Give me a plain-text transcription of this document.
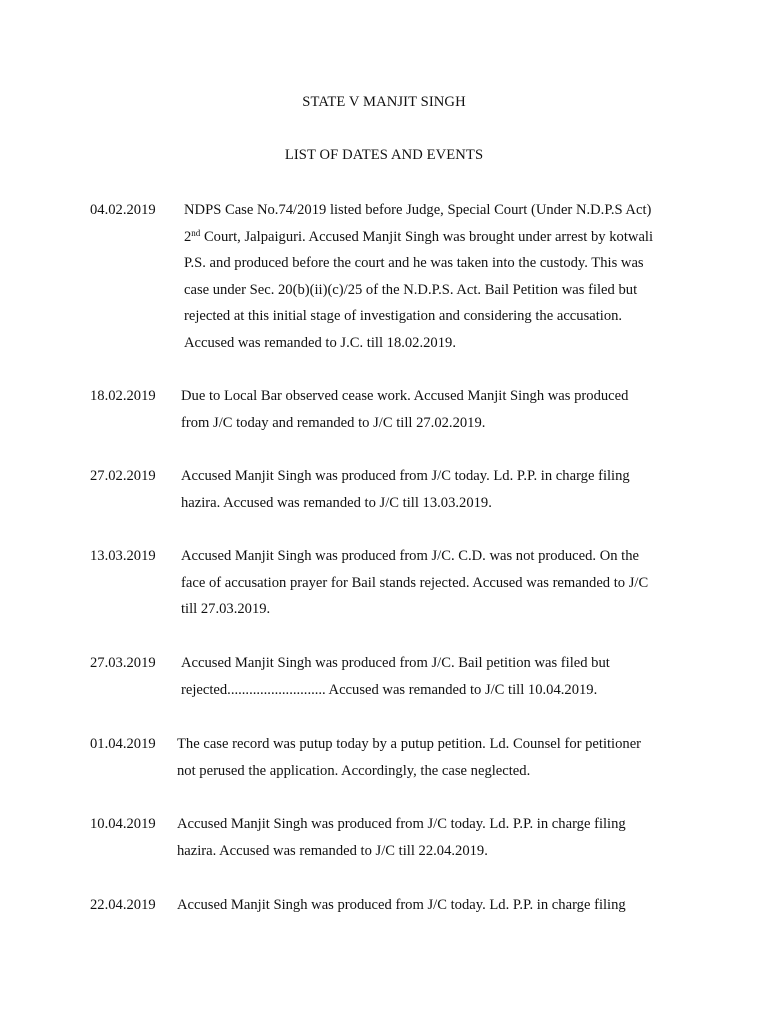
STATE V MANJIT SINGH
LIST OF DATES AND EVENTS
04.02.2019 NDPS Case No.74/2019 listed before Judge, Special Court (Under N.D.P.S Act)
2nd Court, Jalpaiguri. Accused Manjit Singh was brought under arrest by kotwali
P.S. and produced before the court and he was taken into the custody. This was
case under Sec. 20(b)(ii)(c)/25 of the N.D.P.S. Act. Bail Petition was filed but
rejected at this initial stage of investigation and considering the accusation.
Accused was remanded to J.C. till 18.02.2019.
18.02.2019 Due to Local Bar observed cease work. Accused Manjit Singh was produced
from J/C today and remanded to J/C till 27.02.2019.
27.02.2019 Accused Manjit Singh was produced from J/C today. Ld. P.P. in charge filing
hazira. Accused was remanded to J/C till 13.03.2019.
13.03.2019 Accused Manjit Singh was produced from J/C. C.D. was not produced. On the
face of accusation prayer for Bail stands rejected. Accused was remanded to J/C
till 27.03.2019.
27.03.2019 Accused Manjit Singh was produced from J/C. Bail petition was filed but
rejected........................... Accused was remanded to J/C till 10.04.2019.
01.04.2019 The case record was putup today by a putup petition. Ld. Counsel for petitioner
not perused the application. Accordingly, the case neglected.
10.04.2019 Accused Manjit Singh was produced from J/C today. Ld. P.P. in charge filing
hazira. Accused was remanded to J/C till 22.04.2019.
22.04.2019 Accused Manjit Singh was produced from J/C today. Ld. P.P. in charge filing
